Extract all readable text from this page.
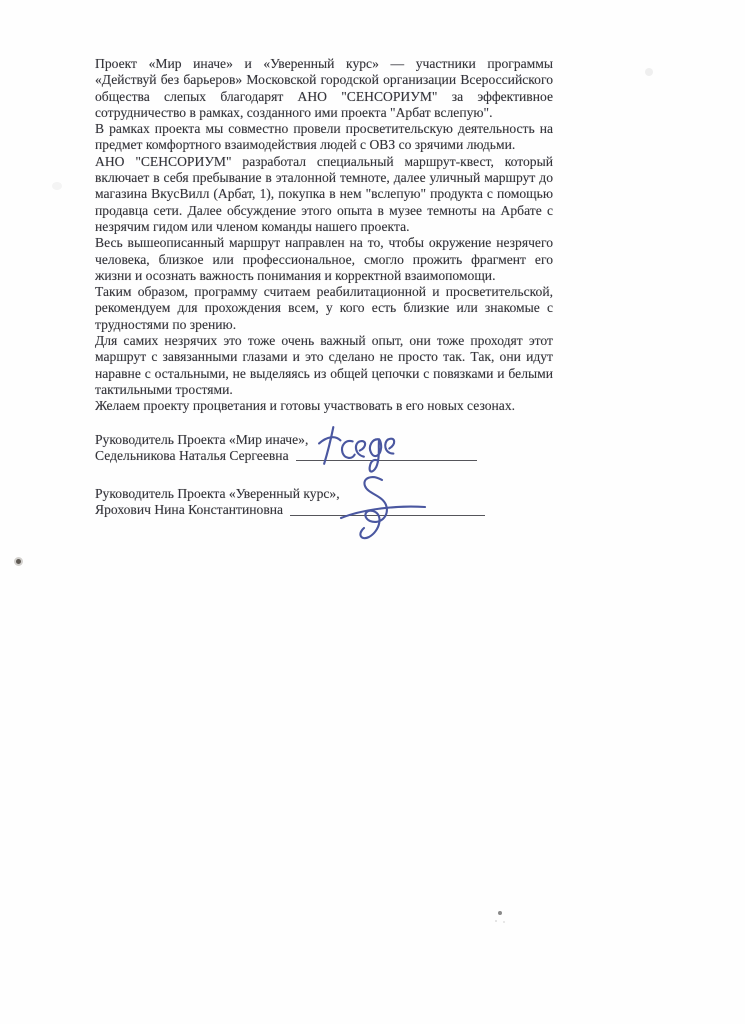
Проект «Мир иначе» и «Уверенный курс» — участники программы
«Действуй без барьеров» Московской городской организации Всероссийского
общества слепых благодарят АНО "СЕНСОРИУМ" за эффективное
сотрудничество в рамках, созданного ими проекта "Арбат вслепую".
В рамках проекта мы совместно провели просветительскую деятельность на
предмет комфортного взаимодействия людей с ОВЗ со зрячими людьми.
АНО "СЕНСОРИУМ" разработал специальный маршрут-квест, который
включает в себя пребывание в эталонной темноте, далее уличный маршрут до
магазина ВкусВилл (Арбат, 1), покупка в нем "вслепую" продукта с помощью
продавца сети. Далее обсуждение этого опыта в музее темноты на Арбате с
незрячим гидом или членом команды нашего проекта.
Весь вышеописанный маршрут направлен на то, чтобы окружение незрячего
человека, близкое или профессиональное, смогло прожить фрагмент его
жизни и осознать важность понимания и корректной взаимопомощи.
Таким образом, программу считаем реабилитационной и просветительской,
рекомендуем для прохождения всем, у кого есть близкие или знакомые с
трудностями по зрению.
Для самих незрячих это тоже очень важный опыт, они тоже проходят этот
маршрут с завязанными глазами и это сделано не просто так. Так, они идут
наравне с остальными, не выделяясь из общей цепочки с повязками и белыми
тактильными тростями.
Желаем проекту процветания и готовы участвовать в его новых сезонах.
Руководитель Проекта «Мир иначе»,
Седельникова Наталья Сергеевна
Руководитель Проекта «Уверенный курс»,
Ярохович Нина Константиновна
